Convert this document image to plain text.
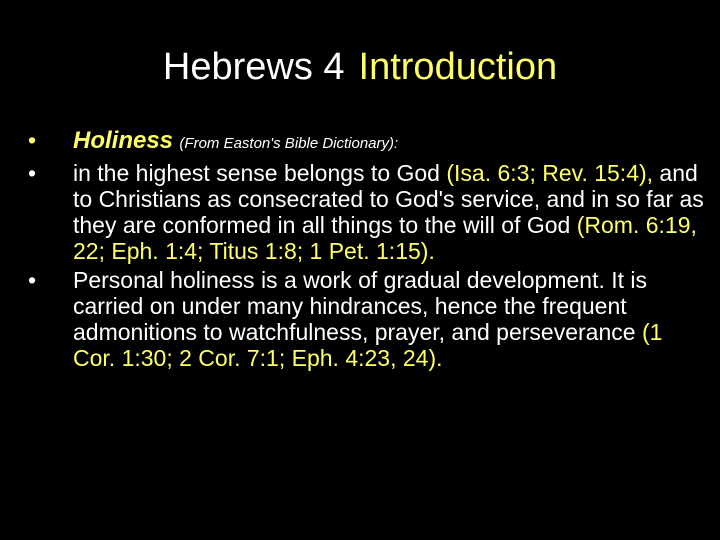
Hebrews 4 Introduction
•	Holiness (From Easton's Bible Dictionary):
•	in the highest sense belongs to God (Isa. 6:3; Rev. 15:4), and to Christians as consecrated to God's service, and in so far as they are conformed in all things to the will of God (Rom. 6:19, 22; Eph. 1:4; Titus 1:8; 1 Pet. 1:15).
•	Personal holiness is a work of gradual development. It is carried on under many hindrances, hence the frequent admonitions to watchfulness, prayer, and perseverance (1 Cor. 1:30; 2 Cor. 7:1; Eph. 4:23, 24).
